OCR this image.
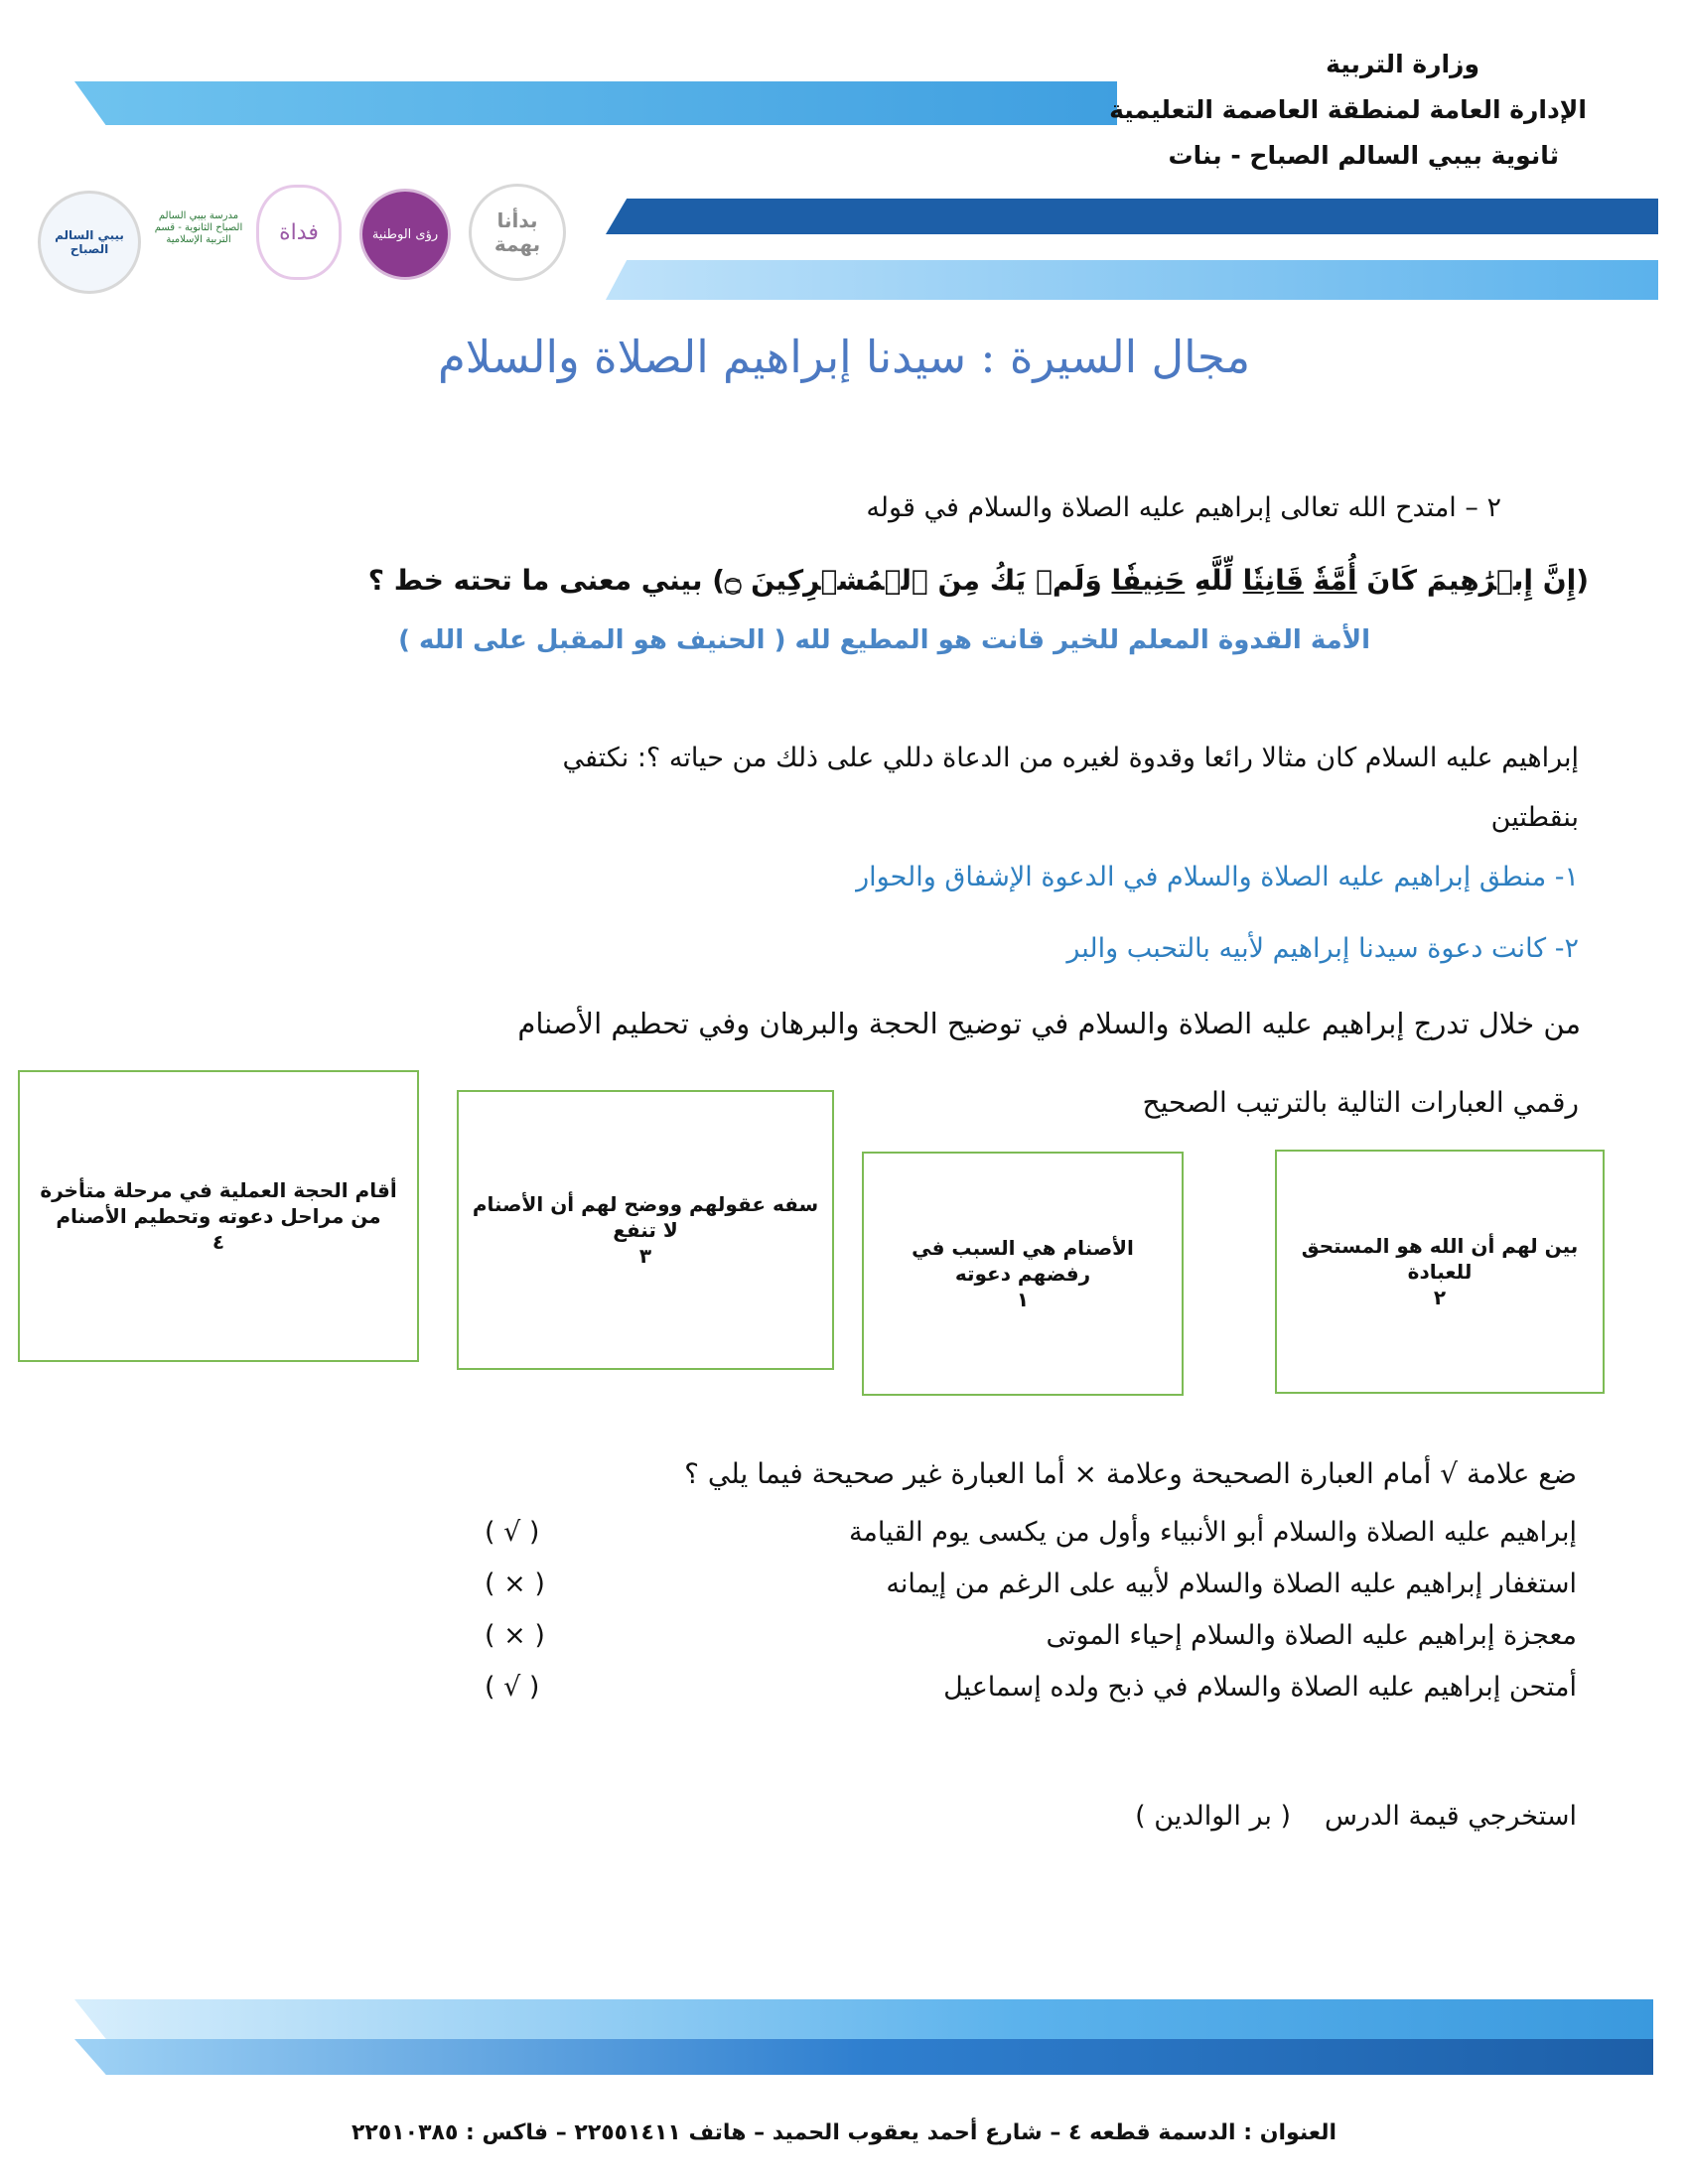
وزارة التربية
الإدارة العامة لمنطقة العاصمة التعليمية
ثانوية بيبي السالم الصباح - بنات
بدأنا بهمة
رؤى الوطنية
فداة
مدرسة بيبي السالم الصباح الثانوية - قسم التربية الإسلامية
بيبي السالم الصباح
مجال السيرة : سيدنا إبراهيم الصلاة والسلام
٢ – امتدح الله تعالى إبراهيم عليه الصلاة والسلام في قوله
(إِنَّ إِبۡرَٰهِيمَ كَانَ أُمَّةٗ قَانِتٗا لِّلَّهِ حَنِيفٗا وَلَمۡ يَكُ مِنَ ٱلۡمُشۡرِكِينَ ۝) بيني معنى ما تحته خط ؟
الأمة القدوة المعلم للخير قانت هو المطيع لله ( الحنيف هو المقبل على الله )
إبراهيم عليه السلام كان مثالا رائعا وقدوة لغيره من الدعاة دللي على ذلك من حياته ؟: نكتفي
بنقطتين
١- منطق إبراهيم عليه الصلاة والسلام في الدعوة الإشفاق والحوار
٢- كانت دعوة سيدنا إبراهيم لأبيه بالتحبب والبر
من خلال تدرج إبراهيم عليه الصلاة والسلام في توضيح الحجة والبرهان وفي تحطيم الأصنام
رقمي العبارات التالية بالترتيب الصحيح
بين لهم أن الله هو المستحق للعبادة
٢
الأصنام هي السبب في رفضهم دعوته
١
سفه عقولهم ووضح لهم أن الأصنام لا تنفع
٣
أقام الحجة العملية في مرحلة متأخرة من مراحل دعوته وتحطيم الأصنام
٤
ضع علامة √ أمام العبارة الصحيحة وعلامة × أما العبارة غير صحيحة فيما يلي ؟
إبراهيم عليه الصلاة والسلام أبو الأنبياء وأول من يكسى يوم القيامة
( √ )
استغفار إبراهيم عليه الصلاة والسلام لأبيه على الرغم من إيمانه
( × )
معجزة إبراهيم عليه الصلاة والسلام إحياء الموتى
( × )
أمتحن إبراهيم عليه الصلاة والسلام في ذبح ولده إسماعيل
( √ )
استخرجي قيمة الدرس
( بر الوالدين )
العنوان : الدسمة قطعه ٤ – شارع أحمد يعقوب الحميد – هاتف ٢٢٥٥١٤١١ – فاكس : ٢٢٥١٠٣٨٥
